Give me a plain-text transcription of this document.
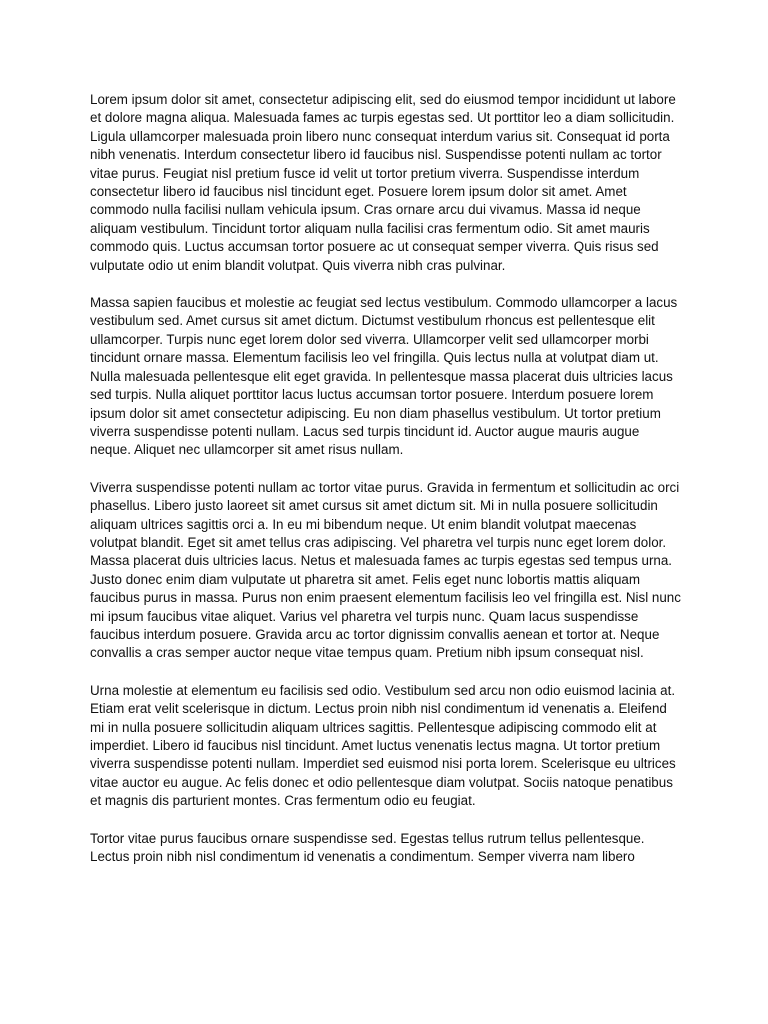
Lorem ipsum dolor sit amet, consectetur adipiscing elit, sed do eiusmod tempor incididunt ut labore et dolore magna aliqua. Malesuada fames ac turpis egestas sed. Ut porttitor leo a diam sollicitudin. Ligula ullamcorper malesuada proin libero nunc consequat interdum varius sit. Consequat id porta nibh venenatis. Interdum consectetur libero id faucibus nisl. Suspendisse potenti nullam ac tortor vitae purus. Feugiat nisl pretium fusce id velit ut tortor pretium viverra. Suspendisse interdum consectetur libero id faucibus nisl tincidunt eget. Posuere lorem ipsum dolor sit amet. Amet commodo nulla facilisi nullam vehicula ipsum. Cras ornare arcu dui vivamus. Massa id neque aliquam vestibulum. Tincidunt tortor aliquam nulla facilisi cras fermentum odio. Sit amet mauris commodo quis. Luctus accumsan tortor posuere ac ut consequat semper viverra. Quis risus sed vulputate odio ut enim blandit volutpat. Quis viverra nibh cras pulvinar.

Massa sapien faucibus et molestie ac feugiat sed lectus vestibulum. Commodo ullamcorper a lacus vestibulum sed. Amet cursus sit amet dictum. Dictumst vestibulum rhoncus est pellentesque elit ullamcorper. Turpis nunc eget lorem dolor sed viverra. Ullamcorper velit sed ullamcorper morbi tincidunt ornare massa. Elementum facilisis leo vel fringilla. Quis lectus nulla at volutpat diam ut. Nulla malesuada pellentesque elit eget gravida. In pellentesque massa placerat duis ultricies lacus sed turpis. Nulla aliquet porttitor lacus luctus accumsan tortor posuere. Interdum posuere lorem ipsum dolor sit amet consectetur adipiscing. Eu non diam phasellus vestibulum. Ut tortor pretium viverra suspendisse potenti nullam. Lacus sed turpis tincidunt id. Auctor augue mauris augue neque. Aliquet nec ullamcorper sit amet risus nullam.

Viverra suspendisse potenti nullam ac tortor vitae purus. Gravida in fermentum et sollicitudin ac orci phasellus. Libero justo laoreet sit amet cursus sit amet dictum sit. Mi in nulla posuere sollicitudin aliquam ultrices sagittis orci a. In eu mi bibendum neque. Ut enim blandit volutpat maecenas volutpat blandit. Eget sit amet tellus cras adipiscing. Vel pharetra vel turpis nunc eget lorem dolor. Massa placerat duis ultricies lacus. Netus et malesuada fames ac turpis egestas sed tempus urna. Justo donec enim diam vulputate ut pharetra sit amet. Felis eget nunc lobortis mattis aliquam faucibus purus in massa. Purus non enim praesent elementum facilisis leo vel fringilla est. Nisl nunc mi ipsum faucibus vitae aliquet. Varius vel pharetra vel turpis nunc. Quam lacus suspendisse faucibus interdum posuere. Gravida arcu ac tortor dignissim convallis aenean et tortor at. Neque convallis a cras semper auctor neque vitae tempus quam. Pretium nibh ipsum consequat nisl.

Urna molestie at elementum eu facilisis sed odio. Vestibulum sed arcu non odio euismod lacinia at. Etiam erat velit scelerisque in dictum. Lectus proin nibh nisl condimentum id venenatis a. Eleifend mi in nulla posuere sollicitudin aliquam ultrices sagittis. Pellentesque adipiscing commodo elit at imperdiet. Libero id faucibus nisl tincidunt. Amet luctus venenatis lectus magna. Ut tortor pretium viverra suspendisse potenti nullam. Imperdiet sed euismod nisi porta lorem. Scelerisque eu ultrices vitae auctor eu augue. Ac felis donec et odio pellentesque diam volutpat. Sociis natoque penatibus et magnis dis parturient montes. Cras fermentum odio eu feugiat.

Tortor vitae purus faucibus ornare suspendisse sed. Egestas tellus rutrum tellus pellentesque. Lectus proin nibh nisl condimentum id venenatis a condimentum. Semper viverra nam libero
